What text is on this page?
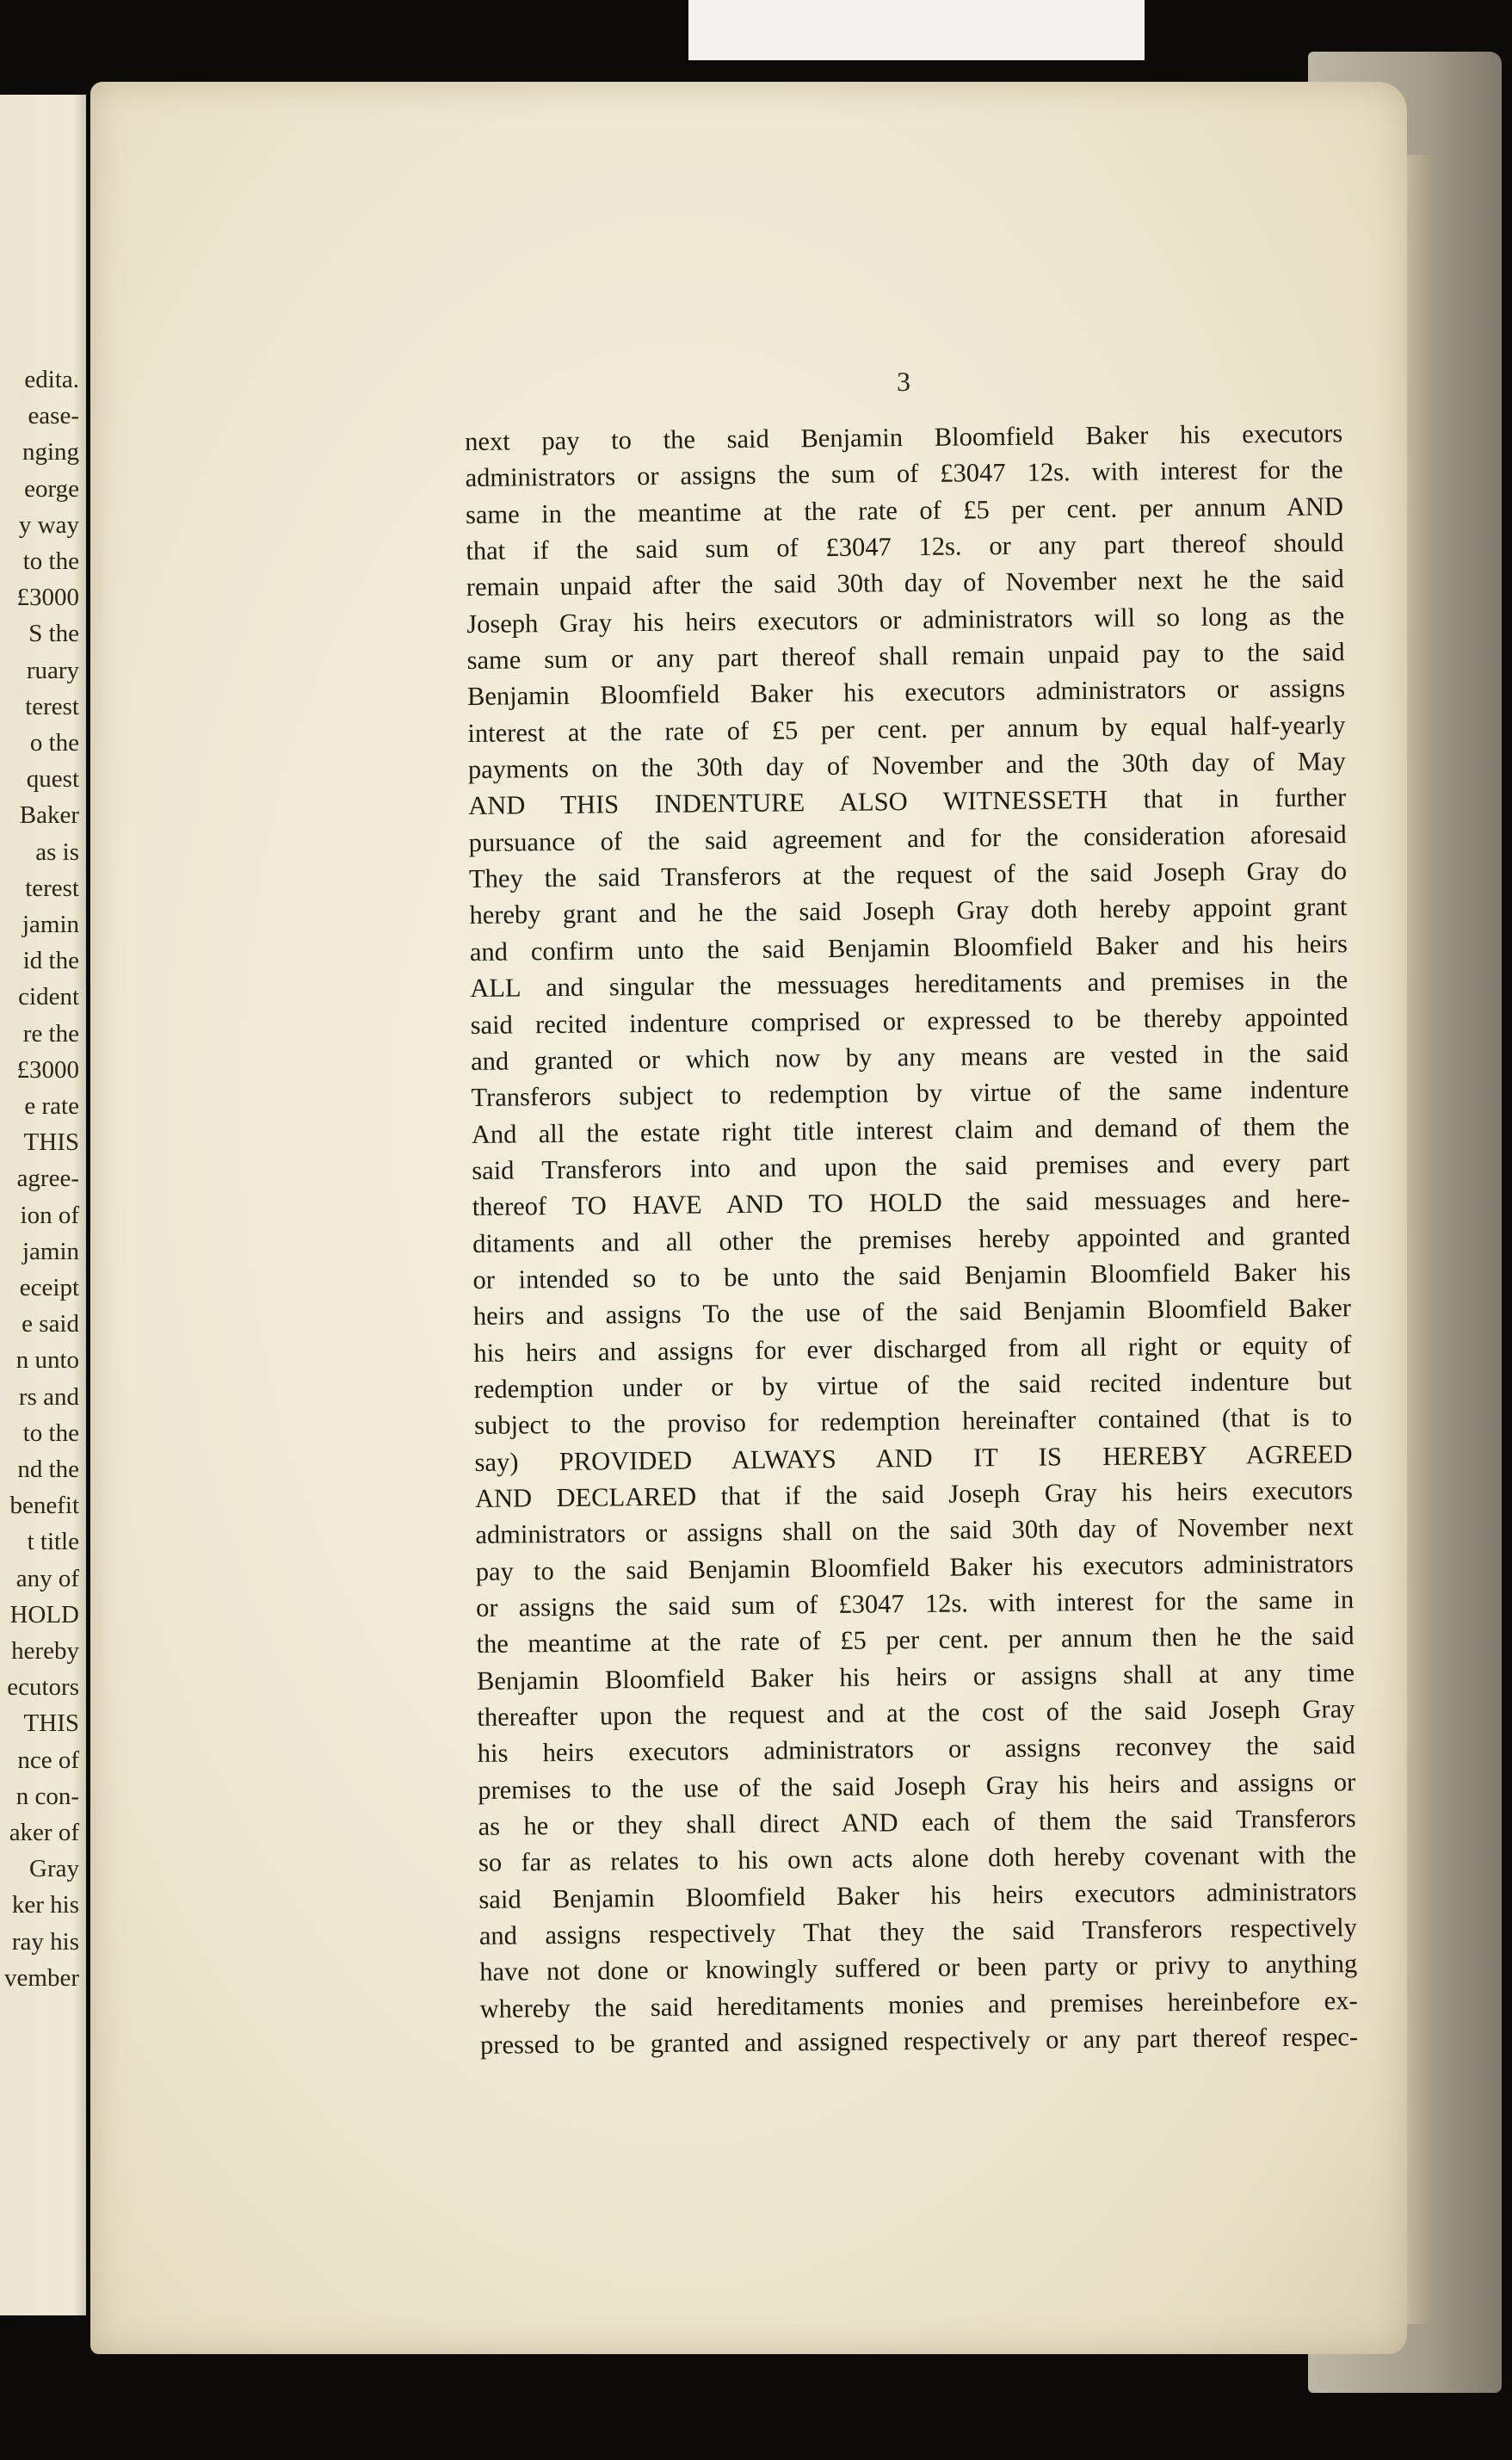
edita.
ease-
nging
eorge
y way
to the
£3000
S the
ruary
terest
o the
quest
Baker
as is
terest
jamin
id the
cident
re the
£3000
e rate
THIS
agree-
ion of
jamin
eceipt
e said
n unto
rs and
to the
nd the
benefit
t title
any of
HOLD
hereby
ecutors
THIS
nce of
n con-
aker of
Gray
ker his
ray his
vember
3
next pay to the said Benjamin Bloomfield Baker his executors
administrators or assigns the sum of £3047 12s. with interest for the
same in the meantime at the rate of £5 per cent. per annum AND
that if the said sum of £3047 12s. or any part thereof should
remain unpaid after the said 30th day of November next he the said
Joseph Gray his heirs executors or administrators will so long as the
same sum or any part thereof shall remain unpaid pay to the said
Benjamin Bloomfield Baker his executors administrators or assigns
interest at the rate of £5 per cent. per annum by equal half-yearly
payments on the 30th day of November and the 30th day of May
AND THIS INDENTURE ALSO WITNESSETH that in further
pursuance of the said agreement and for the consideration aforesaid
They the said Transferors at the request of the said Joseph Gray do
hereby grant and he the said Joseph Gray doth hereby appoint grant
and confirm unto the said Benjamin Bloomfield Baker and his heirs
ALL and singular the messuages hereditaments and premises in the
said recited indenture comprised or expressed to be thereby appointed
and granted or which now by any means are vested in the said
Transferors subject to redemption by virtue of the same indenture
And all the estate right title interest claim and demand of them the
said Transferors into and upon the said premises and every part
thereof TO HAVE AND TO HOLD the said messuages and here-
ditaments and all other the premises hereby appointed and granted
or intended so to be unto the said Benjamin Bloomfield Baker his
heirs and assigns To the use of the said Benjamin Bloomfield Baker
his heirs and assigns for ever discharged from all right or equity of
redemption under or by virtue of the said recited indenture but
subject to the proviso for redemption hereinafter contained (that is to
say) PROVIDED ALWAYS AND IT IS HEREBY AGREED
AND DECLARED that if the said Joseph Gray his heirs executors
administrators or assigns shall on the said 30th day of November next
pay to the said Benjamin Bloomfield Baker his executors administrators
or assigns the said sum of £3047 12s. with interest for the same in
the meantime at the rate of £5 per cent. per annum then he the said
Benjamin Bloomfield Baker his heirs or assigns shall at any time
thereafter upon the request and at the cost of the said Joseph Gray
his heirs executors administrators or assigns reconvey the said
premises to the use of the said Joseph Gray his heirs and assigns or
as he or they shall direct AND each of them the said Transferors
so far as relates to his own acts alone doth hereby covenant with the
said Benjamin Bloomfield Baker his heirs executors administrators
and assigns respectively That they the said Transferors respectively
have not done or knowingly suffered or been party or privy to anything
whereby the said hereditaments monies and premises hereinbefore ex-
pressed to be granted and assigned respectively or any part thereof respec-
